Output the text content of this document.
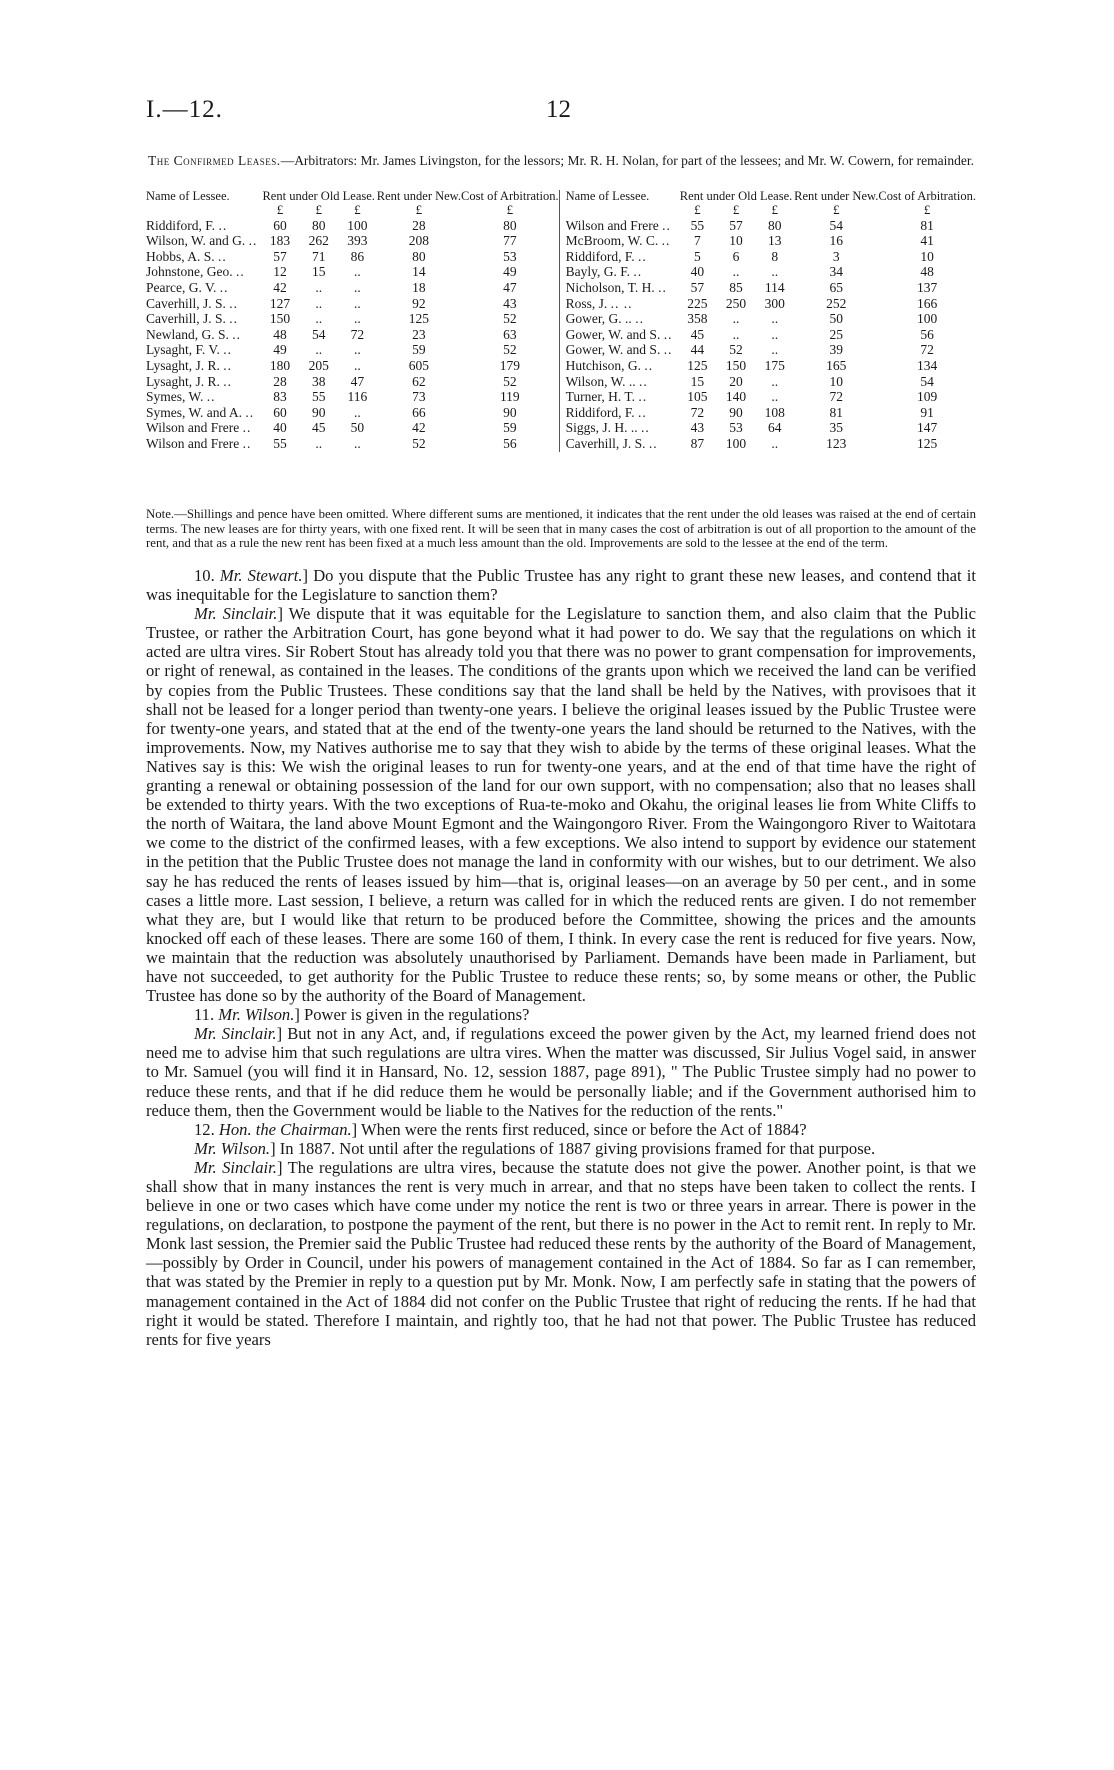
I.—12.	12
The Confirmed Leases.—Arbitrators: Mr. James Livingston, for the lessors; Mr. R. H. Nolan, for part of the lessees; and Mr. W. Cowern, for remainder.
Name of Lessee.	Rent under Old Lease.			Rent under New.	Cost of Arbitration.	Name of Lessee.	Rent under Old Lease.			Rent under New.	Cost of Arbitration.
	£	£	£	£	£		£	£	£	£	£
Riddiford, F. ..	60	80	100	28	80	Wilson and Frere ..	55	57	80	54	81
Wilson, W. and G. ..	183	262	393	208	77	McBroom, W. C. ..	7	10	13	16	41
Hobbs, A. S. ..	57	71	86	80	53	Riddiford, F. ..	5	6	8	3	10
Johnstone, Geo. ..	12	15	..	14	49	Bayly, G. F. ..	40	..	..	34	48
Pearce, G. V. ..	42	..	..	18	47	Nicholson, T. H. ..	57	85	114	65	137
Caverhill, J. S. ..	127	..	..	92	43	Ross, J. .. ..	225	250	300	252	166
Caverhill, J. S. ..	150	..	..	125	52	Gower, G. .. ..	358	..	..	50	100
Newland, G. S. ..	48	54	72	23	63	Gower, W. and S. ..	45	..	..	25	56
Lysaght, F. V. ..	49	..	..	59	52	Gower, W. and S. ..	44	52	..	39	72
Lysaght, J. R. ..	180	205	..	605	179	Hutchison, G. ..	125	150	175	165	134
Lysaght, J. R. ..	28	38	47	62	52	Wilson, W. .. ..	15	20	..	10	54
Symes, W. ..	83	55	116	73	119	Turner, H. T. ..	105	140	..	72	109
Symes, W. and A. ..	60	90	..	66	90	Riddiford, F. ..	72	90	108	81	91
Wilson and Frere ..	40	45	50	42	59	Siggs, J. H. .. ..	43	53	64	35	147
Wilson and Frere ..	55	..	..	52	56	Caverhill, J. S. ..	87	100	..	123	125
Note.—Shillings and pence have been omitted. Where different sums are mentioned, it indicates that the rent under the old leases was raised at the end of certain terms. The new leases are for thirty years, with one fixed rent. It will be seen that in many cases the cost of arbitration is out of all proportion to the amount of the rent, and that as a rule the new rent has been fixed at a much less amount than the old. Improvements are sold to the lessee at the end of the term.

10. Mr. Stewart.] Do you dispute that the Public Trustee has any right to grant these new leases, and contend that it was inequitable for the Legislature to sanction them?

Mr. Sinclair.] We dispute that it was equitable for the Legislature to sanction them, and also claim that the Public Trustee, or rather the Arbitration Court, has gone beyond what it had power to do. We say that the regulations on which it acted are ultra vires. Sir Robert Stout has already told you that there was no power to grant compensation for improvements, or right of renewal, as contained in the leases. The conditions of the grants upon which we received the land can be verified by copies from the Public Trustees. These conditions say that the land shall be held by the Natives, with provisoes that it shall not be leased for a longer period than twenty-one years. I believe the original leases issued by the Public Trustee were for twenty-one years, and stated that at the end of the twenty-one years the land should be returned to the Natives, with the improvements. Now, my Natives authorise me to say that they wish to abide by the terms of these original leases. What the Natives say is this: We wish the original leases to run for twenty-one years, and at the end of that time have the right of granting a renewal or obtaining possession of the land for our own support, with no compensation; also that no leases shall be extended to thirty years. With the two exceptions of Rua-te-moko and Okahu, the original leases lie from White Cliffs to the north of Waitara, the land above Mount Egmont and the Waingongoro River. From the Waingongoro River to Waitotara we come to the district of the confirmed leases, with a few exceptions. We also intend to support by evidence our statement in the petition that the Public Trustee does not manage the land in conformity with our wishes, but to our detriment. We also say he has reduced the rents of leases issued by him—that is, original leases—on an average by 50 per cent., and in some cases a little more. Last session, I believe, a return was called for in which the reduced rents are given. I do not remember what they are, but I would like that return to be produced before the Committee, showing the prices and the amounts knocked off each of these leases. There are some 160 of them, I think. In every case the rent is reduced for five years. Now, we maintain that the reduction was absolutely unauthorised by Parliament. Demands have been made in Parliament, but have not succeeded, to get authority for the Public Trustee to reduce these rents; so, by some means or other, the Public Trustee has done so by the authority of the Board of Management.

11. Mr. Wilson.] Power is given in the regulations?

Mr. Sinclair.] But not in any Act, and, if regulations exceed the power given by the Act, my learned friend does not need me to advise him that such regulations are ultra vires. When the matter was discussed, Sir Julius Vogel said, in answer to Mr. Samuel (you will find it in Hansard, No. 12, session 1887, page 891), " The Public Trustee simply had no power to reduce these rents, and that if he did reduce them he would be personally liable; and if the Government authorised him to reduce them, then the Government would be liable to the Natives for the reduction of the rents."

12. Hon. the Chairman.] When were the rents first reduced, since or before the Act of 1884?

Mr. Wilson.] In 1887. Not until after the regulations of 1887 giving provisions framed for that purpose.

Mr. Sinclair.] The regulations are ultra vires, because the statute does not give the power. Another point, is that we shall show that in many instances the rent is very much in arrear, and that no steps have been taken to collect the rents. I believe in one or two cases which have come under my notice the rent is two or three years in arrear. There is power in the regulations, on declaration, to postpone the payment of the rent, but there is no power in the Act to remit rent. In reply to Mr. Monk last session, the Premier said the Public Trustee had reduced these rents by the authority of the Board of Management,—possibly by Order in Council, under his powers of management contained in the Act of 1884. So far as I can remember, that was stated by the Premier in reply to a question put by Mr. Monk. Now, I am perfectly safe in stating that the powers of management contained in the Act of 1884 did not confer on the Public Trustee that right of reducing the rents. If he had that right it would be stated. Therefore I maintain, and rightly too, that he had not that power. The Public Trustee has reduced rents for five years
